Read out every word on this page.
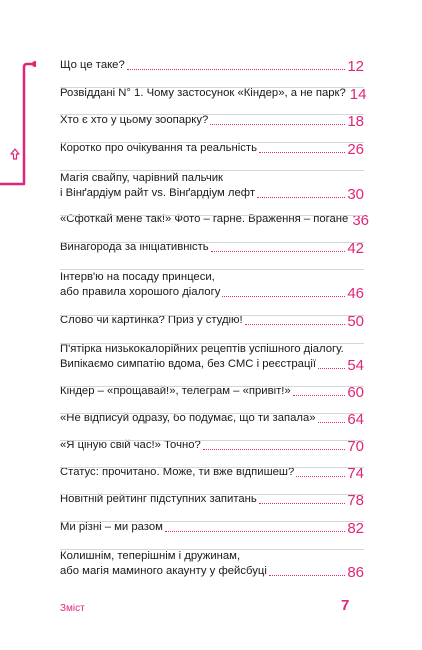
Що це таке?	12
Розвіддані N° 1. Чому застосунок «Кіндер», а не парк? 14
Хто є хто у цьому зоопарку?	18
Коротко про очікування та реальність	26
Магія свайпу, чарівний пальчик
і Вінґардіум райт vs. Вінґардіум лефт	30
«Сфоткай мене так!» Фото – гарне. Враження – погане 36
Винагорода за ініціативність	42
Інтерв'ю на посаду принцеси,
або правила хорошого діалогу	46
Слово чи картинка? Приз у студію!	50
П'ятірка низькокалорійних рецептів успішного діалогу.
Випікаємо симпатію вдома, без СМС і реєстрації 54
Кіндер – «прощавай!», телеграм – «привіт!»	60
«Не відписуй одразу, бо подумає, що ти запала» 64
«Я ціную свій час!» Точно?	70
Статус: прочитано. Може, ти вже відпишеш?	74
Новітній рейтинг підступних запитань	78
Ми різні – ми разом	82
Колишнім, теперішнім і дружинам,
або магія маминого акаунту у фейсбуці	86
Зміст	7
